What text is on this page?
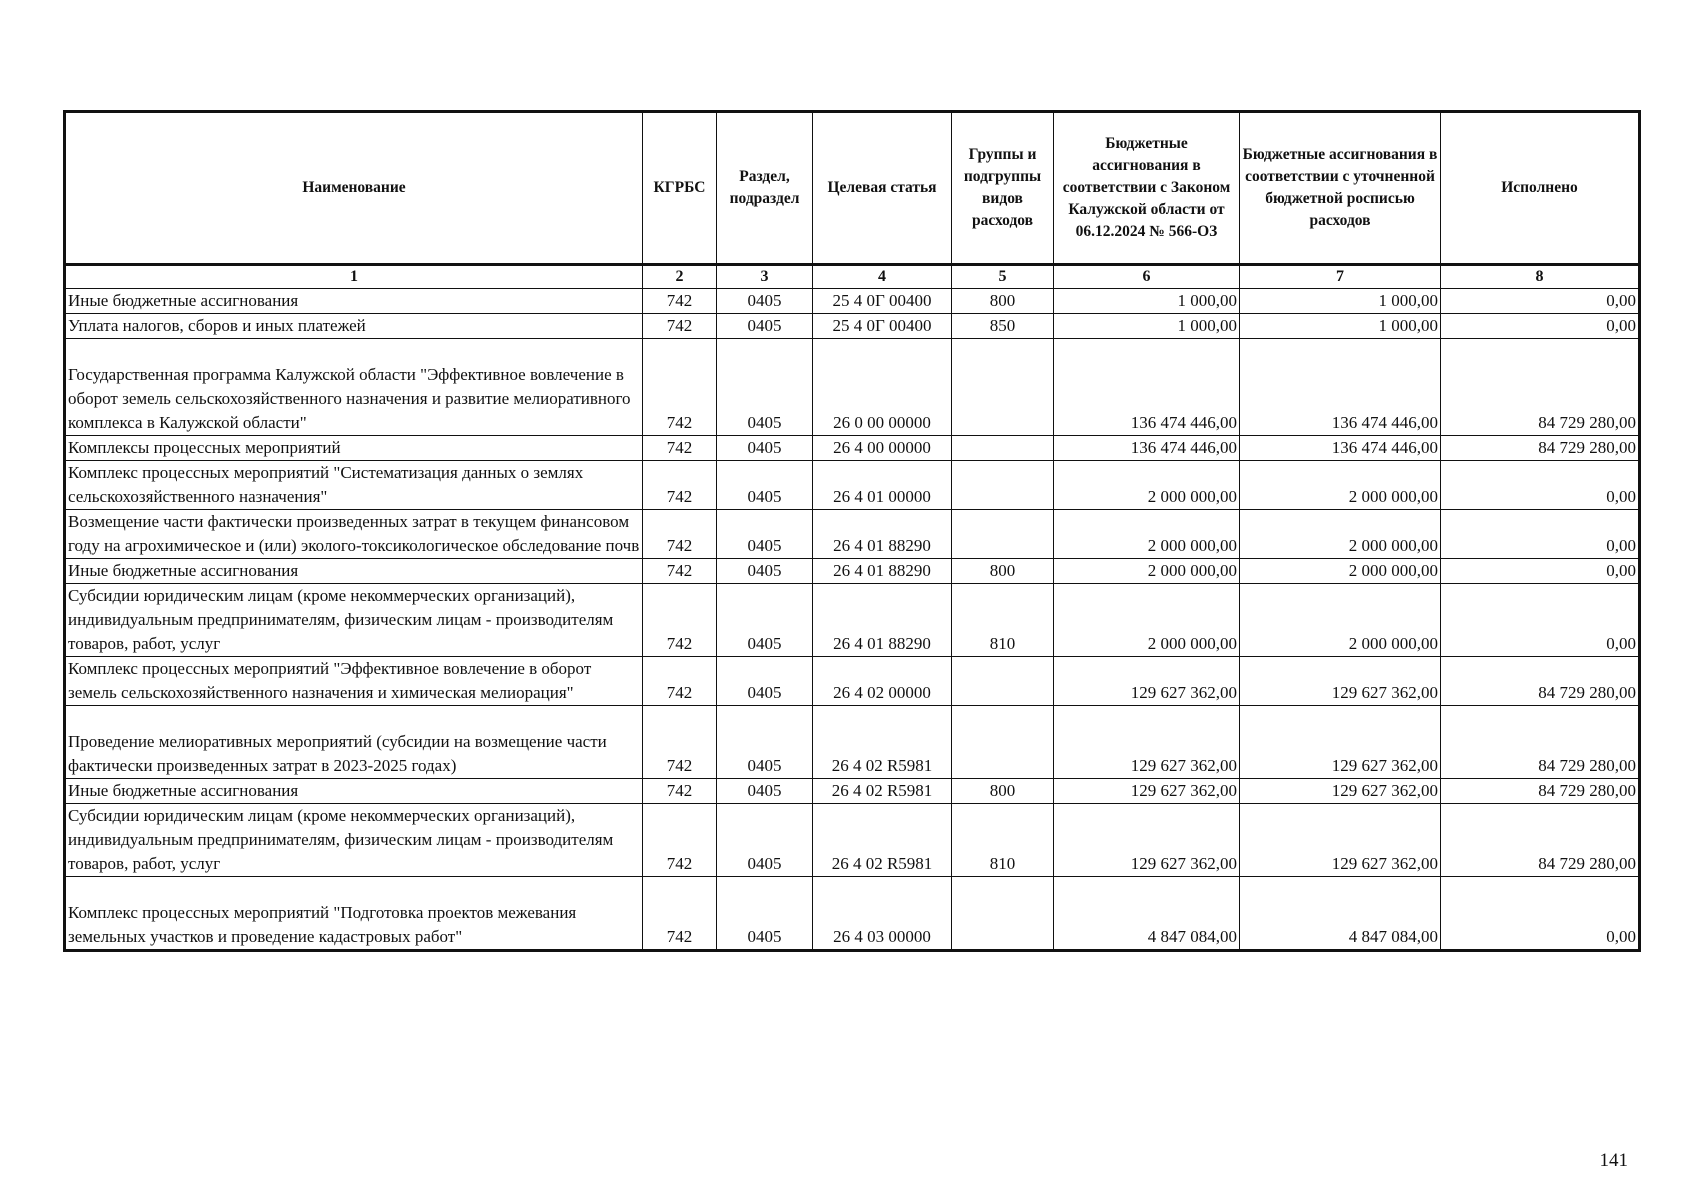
Наименование	КГРБС	Раздел, подраздел	Целевая статья	Группы и подгруппы видов расходов	Бюджетные ассигнования в соответствии с Законом Калужской области от 06.12.2024 № 566-ОЗ	Бюджетные ассигнования в соответствии с уточненной бюджетной росписью расходов	Исполнено
1	2	3	4	5	6	7	8
Иные бюджетные ассигнования	742	0405	25 4 0Г 00400	800	1 000,00	1 000,00	0,00
Уплата налогов, сборов и иных платежей	742	0405	25 4 0Г 00400	850	1 000,00	1 000,00	0,00
Государственная программа Калужской области "Эффективное вовлечение в оборот земель сельскохозяйственного назначения и развитие мелиоративного комплекса в Калужской области"	742	0405	26 0 00 00000		136 474 446,00	136 474 446,00	84 729 280,00
Комплексы процессных мероприятий	742	0405	26 4 00 00000		136 474 446,00	136 474 446,00	84 729 280,00
Комплекс процессных мероприятий "Систематизация данных о землях сельскохозяйственного назначения"	742	0405	26 4 01 00000		2 000 000,00	2 000 000,00	0,00
Возмещение части фактически произведенных затрат в текущем финансовом году на агрохимическое и (или) эколого-токсикологическое обследование почв	742	0405	26 4 01 88290		2 000 000,00	2 000 000,00	0,00
Иные бюджетные ассигнования	742	0405	26 4 01 88290	800	2 000 000,00	2 000 000,00	0,00
Субсидии юридическим лицам (кроме некоммерческих организаций), индивидуальным предпринимателям, физическим лицам - производителям товаров, работ, услуг	742	0405	26 4 01 88290	810	2 000 000,00	2 000 000,00	0,00
Комплекс процессных мероприятий "Эффективное вовлечение в оборот земель сельскохозяйственного назначения и химическая мелиорация"	742	0405	26 4 02 00000		129 627 362,00	129 627 362,00	84 729 280,00
Проведение мелиоративных мероприятий (субсидии на возмещение части фактически произведенных затрат в 2023-2025 годах)	742	0405	26 4 02 R5981		129 627 362,00	129 627 362,00	84 729 280,00
Иные бюджетные ассигнования	742	0405	26 4 02 R5981	800	129 627 362,00	129 627 362,00	84 729 280,00
Субсидии юридическим лицам (кроме некоммерческих организаций), индивидуальным предпринимателям, физическим лицам - производителям товаров, работ, услуг	742	0405	26 4 02 R5981	810	129 627 362,00	129 627 362,00	84 729 280,00
Комплекс процессных мероприятий "Подготовка проектов межевания земельных участков и проведение кадастровых работ"	742	0405	26 4 03 00000		4 847 084,00	4 847 084,00	0,00
141
